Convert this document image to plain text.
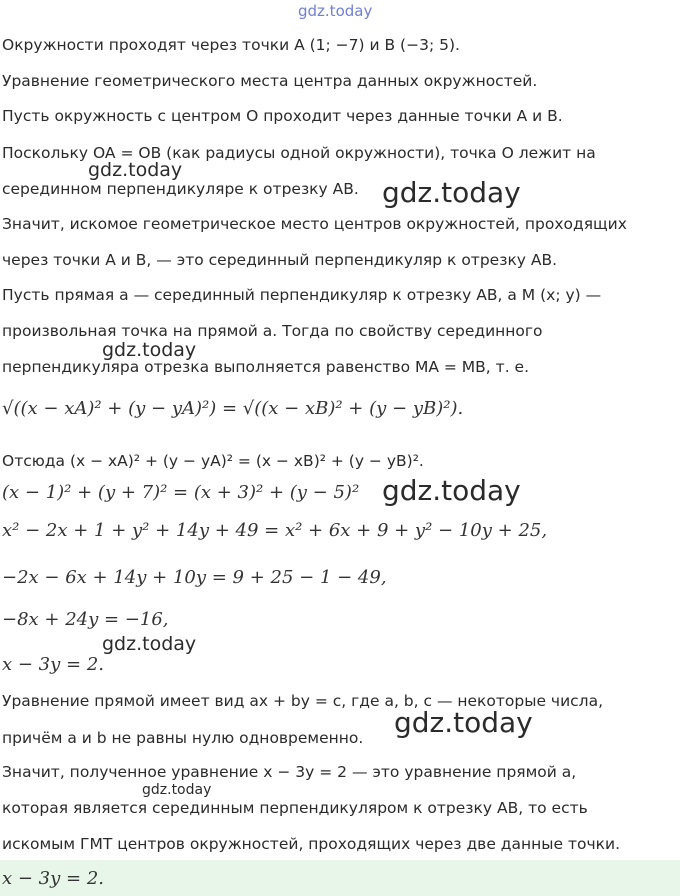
gdz.today
Окружности проходят через точки A (1; −7) и B (−3; 5).
Уравнение геометрического места центра данных окружностей.
Пусть окружность с центром O проходит через данные точки A и B.
Поскольку OA = OB (как радиусы одной окружности), точка O лежит на
gdz.today
серединном перпендикуляре к отрезку AB. gdz.today
Значит, искомое геометрическое место центров окружностей, проходящих
через точки A и B, — это серединный перпендикуляр к отрезку AB.
Пусть прямая a — серединный перпендикуляр к отрезку AB, а M (x; y) —
произвольная точка на прямой a. Тогда по свойству серединного
gdz.today
перпендикуляра отрезка выполняется равенство MA = MB, т. е.
√((x − xA)² + (y − yA)²) = √((x − xB)² + (y − yB)²).
Отсюда (x − xA)² + (y − yA)² = (x − xB)² + (y − yB)².
(x − 1)² + (y + 7)² = (x + 3)² + (y − 5)² gdz.today
x² − 2x + 1 + y² + 14y + 49 = x² + 6x + 9 + y² − 10y + 25,
−2x − 6x + 14y + 10y = 9 + 25 − 1 − 49,
−8x + 24y = −16,
gdz.today
x − 3y = 2.
Уравнение прямой имеет вид ax + by = c, где a, b, c — некоторые числа,
gdz.today
причём a и b не равны нулю одновременно.
Значит, полученное уравнение x − 3y = 2 — это уравнение прямой a,
gdz.today
которая является серединным перпендикуляром к отрезку AB, то есть
искомым ГМТ центров окружностей, проходящих через две данные точки.
x − 3y = 2.
